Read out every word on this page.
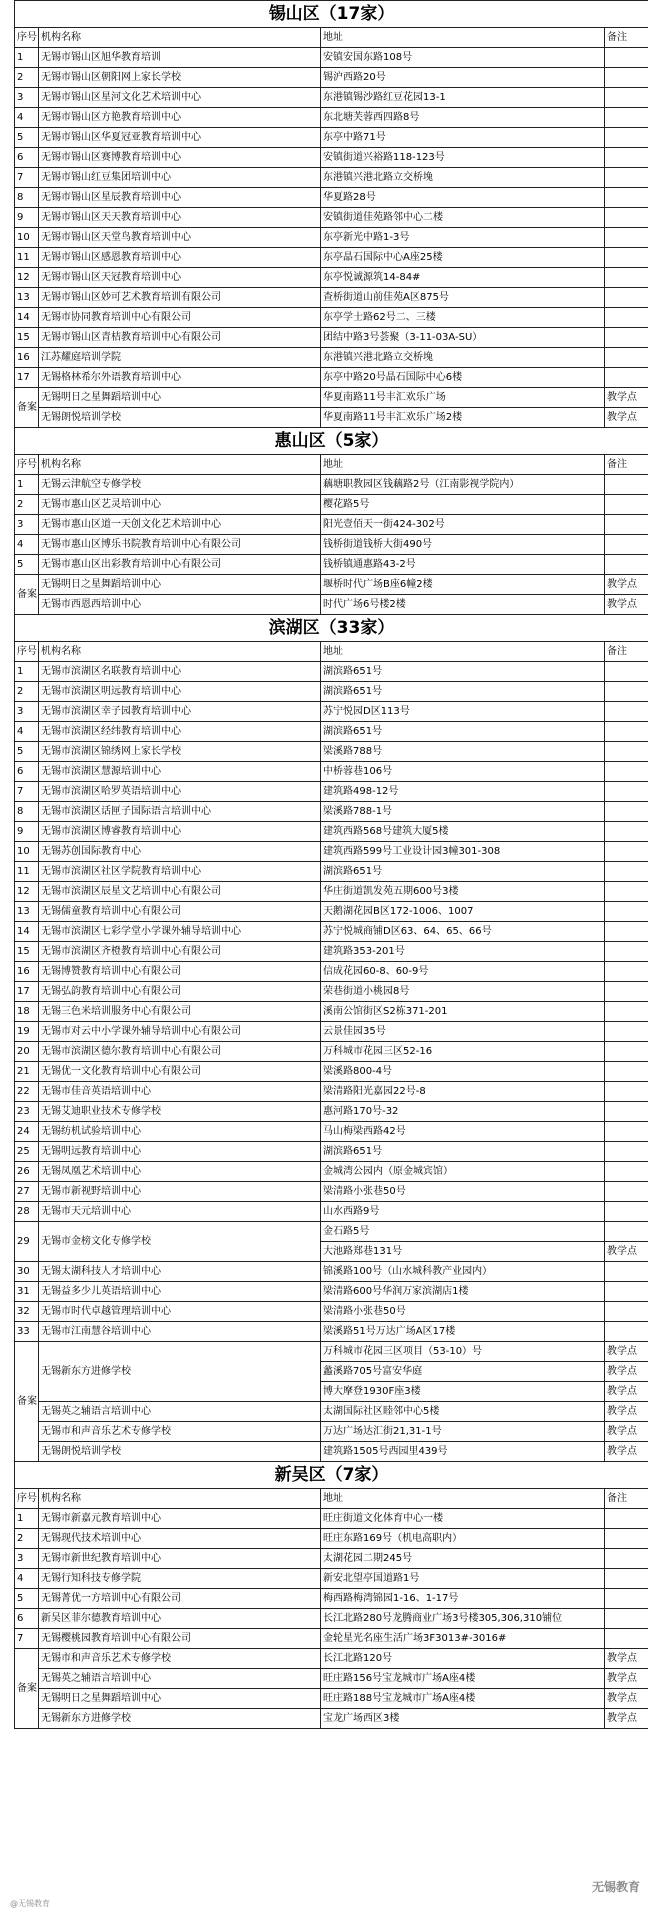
锡山区（17家）			
序号	机构名称	地址	备注
1	无锡市锡山区旭华教育培训	安镇安国东路108号	
2	无锡市锡山区朝阳网上家长学校	锡沪西路20号	
3	无锡市锡山区星河文化艺术培训中心	东港镇锡沙路红豆花园13-1	
4	无锡市锡山区方艳教育培训中心	东北塘芙蓉西四路8号	
5	无锡市锡山区华夏冠亚教育培训中心	东亭中路71号	
6	无锡市锡山区赛博教育培训中心	安镇街道兴裕路118-123号	
7	无锡市锡山红豆集团培训中心	东港镇兴港北路立交桥堍	
8	无锡市锡山区星辰教育培训中心	华夏路28号	
9	无锡市锡山区天天教育培训中心	安镇街道佳苑路邻中心二楼	
10	无锡市锡山区天堂鸟教育培训中心	东亭新光中路1-3号	
11	无锡市锡山区感恩教育培训中心	东亭晶石国际中心A座25楼	
12	无锡市锡山区天冠教育培训中心	东亭悦诚源筑14-84#	
13	无锡市锡山区妙可艺术教育培训有限公司	查桥街道山前佳苑A区875号	
14	无锡市协同教育培训中心有限公司	东亭学士路62号二、三楼	
15	无锡市锡山区青桔教育培训中心有限公司	团结中路3号荟聚（3-11-03A-SU）	
16	江苏耀庭培训学院	东港镇兴港北路立交桥堍	
17	无锡格林希尔外语教育培训中心	东亭中路20号晶石国际中心6楼	
备案	无锡明日之星舞蹈培训中心	华夏南路11号丰汇欢乐广场	教学点
	无锡朗悦培训学校	华夏南路11号丰汇欢乐广场2楼	教学点
惠山区（5家）			
序号	机构名称	地址	备注
1	无锡云津航空专修学校	藕塘职教园区钱藕路2号（江南影视学院内）	
2	无锡市惠山区艺灵培训中心	樱花路5号	
3	无锡市惠山区道一天创文化艺术培训中心	阳光壹佰天一街424-302号	
4	无锡市惠山区博乐书院教育培训中心有限公司	钱桥街道钱桥大街490号	
5	无锡市惠山区出彩教育培训中心有限公司	钱桥镇通惠路43-2号	
备案	无锡明日之星舞蹈培训中心	堰桥时代广场B座6幢2楼	教学点
	无锡市西恩西培训中心	时代广场6号楼2楼	教学点
滨湖区（33家）			
序号	机构名称	地址	备注
1	无锡市滨湖区名联教育培训中心	湖滨路651号	
2	无锡市滨湖区明远教育培训中心	湖滨路651号	
3	无锡市滨湖区幸子园教育培训中心	苏宁悦园D区113号	
4	无锡市滨湖区经纬教育培训中心	湖滨路651号	
5	无锡市滨湖区锦绣网上家长学校	梁溪路788号	
6	无锡市滨湖区慧源培训中心	中桥蓉巷106号	
7	无锡市滨湖区哈罗英语培训中心	建筑路498-12号	
8	无锡市滨湖区话匣子国际语言培训中心	梁溪路788-1号	
9	无锡市滨湖区博睿教育培训中心	建筑西路568号建筑大厦5楼	
10	无锡苏创国际教育中心	建筑西路599号工业设计园3幢301-308	
11	无锡市滨湖区社区学院教育培训中心	湖滨路651号	
12	无锡市滨湖区辰星文艺培训中心有限公司	华庄街道凯发苑五期600号3楼	
13	无锡儒童教育培训中心有限公司	天鹅湖花园B区172-1006、1007	
14	无锡市滨湖区七彩学堂小学课外辅导培训中心	苏宁悦城商铺D区63、64、65、66号	
15	无锡市滨湖区齐橙教育培训中心有限公司	建筑路353-201号	
16	无锡博赞教育培训中心有限公司	信成花园60-8、60-9号	
17	无锡弘韵教育培训中心有限公司	荣巷街道小桃园8号	
18	无锡三色米培训服务中心有限公司	溪南公馆街区S2栋371-201	
19	无锡市对云中小学课外辅导培训中心有限公司	云景佳园35号	
20	无锡市滨湖区德尔教育培训中心有限公司	万科城市花园三区52-16	
21	无锡优一文化教育培训中心有限公司	梁溪路800-4号	
22	无锡市佳音英语培训中心	梁清路阳光嘉园22号-8	
23	无锡艾迪职业技术专修学校	惠河路170号-32	
24	无锡纺机试验培训中心	马山梅梁西路42号	
25	无锡明远教育培训中心	湖滨路651号	
26	无锡凤凰艺术培训中心	金城湾公园内（原金城宾馆）	
27	无锡市新视野培训中心	梁清路小张巷50号	
28	无锡市天元培训中心	山水西路9号	
29	无锡市金榜文化专修学校	金石路5号	
		大池路郑巷131号	教学点
30	无锡太湖科技人才培训中心	锦溪路100号（山水城科教产业园内）	
31	无锡益多少儿英语培训中心	梁清路600号华润万家滨湖店1楼	
32	无锡市时代卓越管理培训中心	梁清路小张巷50号	
33	无锡市江南慧谷培训中心	梁溪路51号万达广场A区17楼	
备案	无锡新东方进修学校	万科城市花园三区项目（53-10）号	教学点
		蠡溪路705号富安华庭	教学点
		博大摩登1930F座3楼	教学点
	无锡英之辅语言培训中心	太湖国际社区睦邻中心5楼	教学点
	无锡市和声音乐艺术专修学校	万达广场达汇街21,31-1号	教学点
	无锡朗悦培训学校	建筑路1505号西园里439号	教学点
新吴区（7家）			
序号	机构名称	地址	备注
1	无锡市新嘉元教育培训中心	旺庄街道文化体育中心一楼	
2	无锡现代技术培训中心	旺庄东路169号（机电高职内）	
3	无锡市新世纪教育培训中心	太湖花园二期245号	
4	无锡行知科技专修学院	新安北望亭国道路1号	
5	无锡菁优一方培训中心有限公司	梅西路梅湾锦园1-16、1-17号	
6	新吴区菲尔德教育培训中心	长江北路280号龙腾商业广场3号楼305,306,310铺位	
7	无锡樱桃园教育培训中心有限公司	金轮星光名座生活广场3F3013#-3016#	
备案	无锡市和声音乐艺术专修学校	长江北路120号	教学点
	无锡英之辅语言培训中心	旺庄路156号宝龙城市广场A座4楼	教学点
	无锡明日之星舞蹈培训中心	旺庄路188号宝龙城市广场A座4楼	教学点
	无锡新东方进修学校	宝龙广场西区3楼	教学点
无锡教育
@无锡教育
